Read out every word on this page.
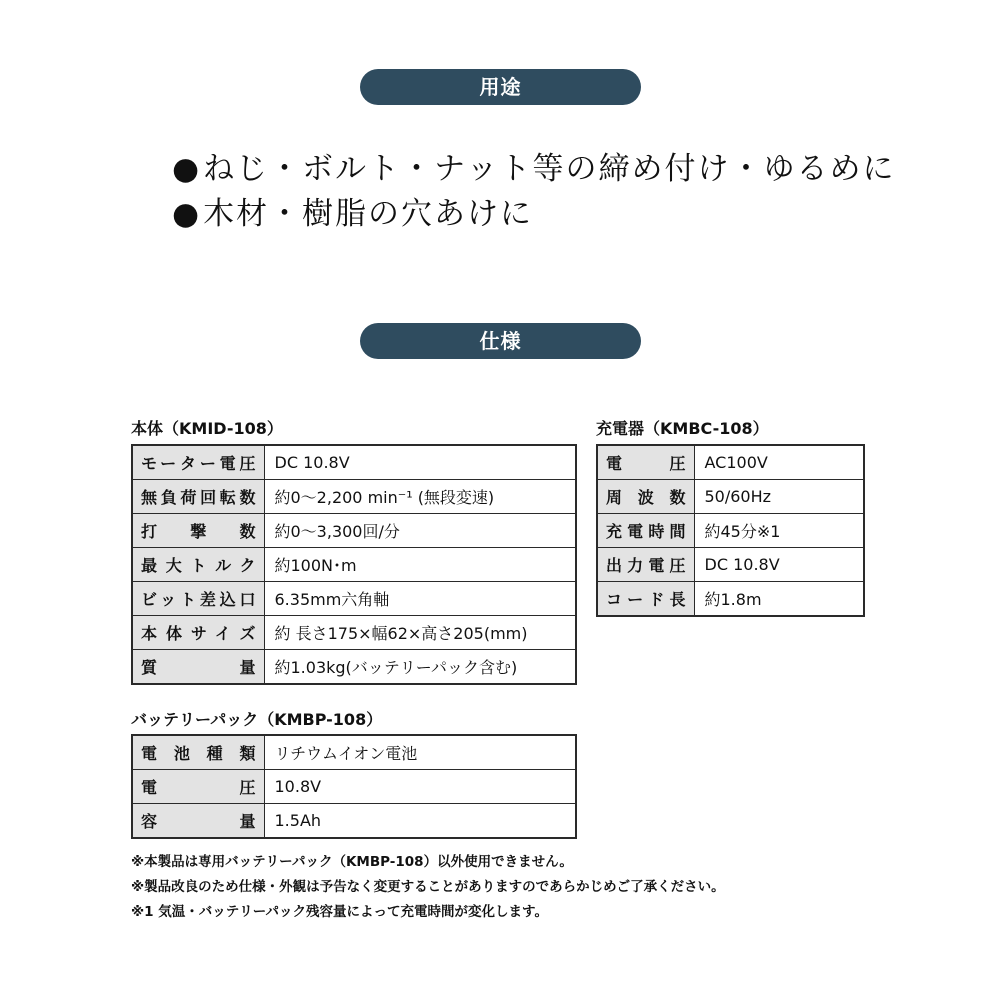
用途
●ねじ・ボルト・ナット等の締め付け・ゆるめに
●木材・樹脂の穴あけに
仕様
本体（KMID-108）
モーター電圧	DC 10.8V
無負荷回転数	約0〜2,200 min⁻¹ (無段変速)
打撃数	約0〜3,300回/分
最大トルク	約100N･m
ビット差込口	6.35mm六角軸
本体サイズ	約 長さ175×幅62×高さ205(mm)
質量	約1.03kg(バッテリーパック含む)
バッテリーパック（KMBP-108）
電池種類	リチウムイオン電池
電圧	10.8V
容量	1.5Ah
充電器（KMBC-108）
電圧	AC100V
周波数	50/60Hz
充電時間	約45分※1
出力電圧	DC 10.8V
コード長	約1.8m
※本製品は専用バッテリーパック（KMBP-108）以外使用できません。
※製品改良のため仕様・外観は予告なく変更することがありますのであらかじめご了承ください。
※1 気温・バッテリーパック残容量によって充電時間が変化します。
